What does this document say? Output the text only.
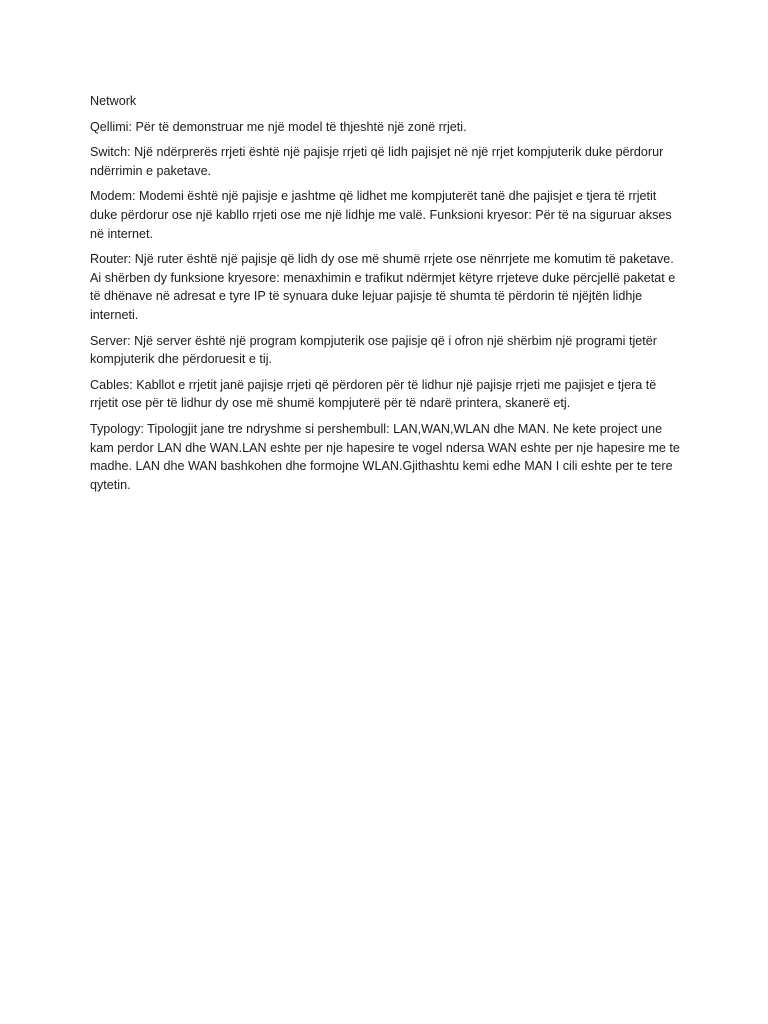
Network

Qellimi: Për të demonstruar me një model të thjeshtë një zonë rrjeti.

Switch: Një ndërprerës rrjeti është një pajisje rrjeti që lidh pajisjet në një rrjet kompjuterik duke përdorur ndërrimin e paketave.

Modem: Modemi është një pajisje e jashtme që lidhet me kompjuterët tanë dhe pajisjet e tjera të rrjetit duke përdorur ose një kabllo rrjeti ose me një lidhje me valë. Funksioni kryesor: Për të na siguruar akses në internet.

Router: Një ruter është një pajisje që lidh dy ose më shumë rrjete ose nënrrjete me komutim të paketave. Ai shërben dy funksione kryesore: menaxhimin e trafikut ndërmjet këtyre rrjeteve duke përcjellë paketat e të dhënave në adresat e tyre IP të synuara duke lejuar pajisje të shumta të përdorin të njëjtën lidhje interneti.

Server: Një server është një program kompjuterik ose pajisje që i ofron një shërbim një programi tjetër kompjuterik dhe përdoruesit e tij.

Cables: Kabllot e rrjetit janë pajisje rrjeti që përdoren për të lidhur një pajisje rrjeti me pajisjet e tjera të rrjetit ose për të lidhur dy ose më shumë kompjuterë për të ndarë printera, skanerë etj.

Typology: Tipologjit jane tre ndryshme si pershembull: LAN,WAN,WLAN dhe MAN. Ne kete project une kam perdor LAN dhe WAN.LAN eshte per nje hapesire te vogel ndersa WAN eshte per nje hapesire me te madhe. LAN dhe WAN bashkohen dhe formojne WLAN.Gjithashtu kemi edhe MAN I cili eshte per te tere qytetin.
